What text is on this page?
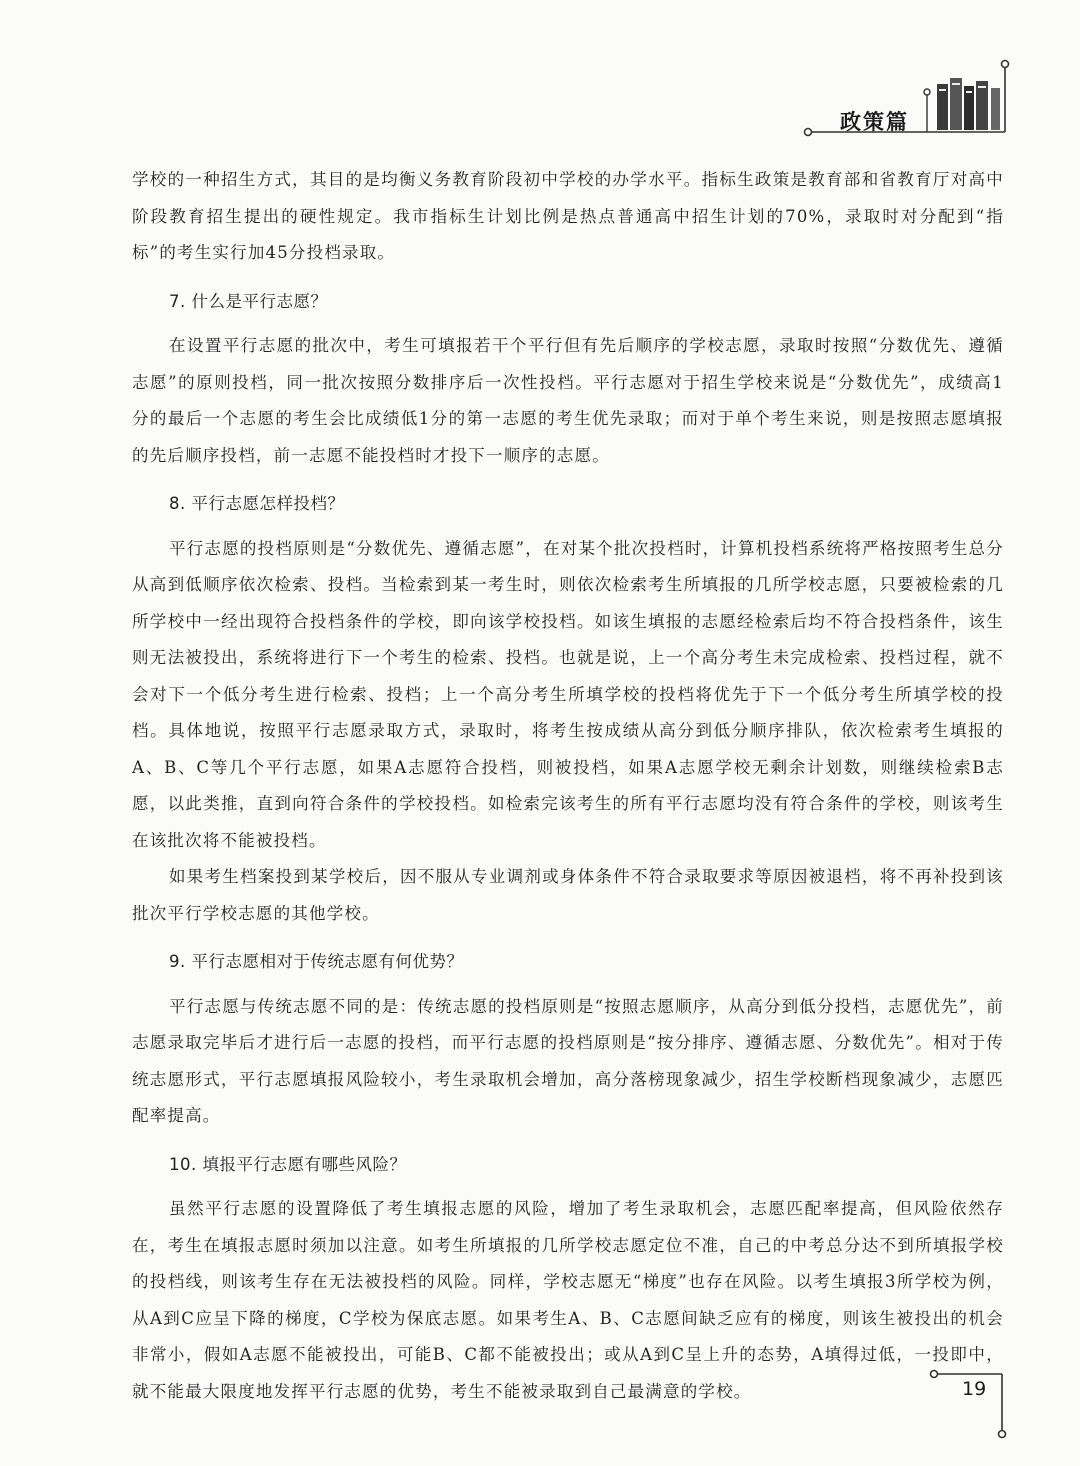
政策篇

学校的一种招生方式，其目的是均衡义务教育阶段初中学校的办学水平。指标生政策是教育部和省教育厅对高中阶段教育招生提出的硬性规定。我市指标生计划比例是热点普通高中招生计划的70%，录取时对分配到“指标”的考生实行加45分投档录取。

7. 什么是平行志愿？

在设置平行志愿的批次中，考生可填报若干个平行但有先后顺序的学校志愿，录取时按照“分数优先、遵循志愿”的原则投档，同一批次按照分数排序后一次性投档。平行志愿对于招生学校来说是“分数优先”，成绩高1分的最后一个志愿的考生会比成绩低1分的第一志愿的考生优先录取；而对于单个考生来说，则是按照志愿填报的先后顺序投档，前一志愿不能投档时才投下一顺序的志愿。

8. 平行志愿怎样投档？

平行志愿的投档原则是“分数优先、遵循志愿”，在对某个批次投档时，计算机投档系统将严格按照考生总分从高到低顺序依次检索、投档。当检索到某一考生时，则依次检索考生所填报的几所学校志愿，只要被检索的几所学校中一经出现符合投档条件的学校，即向该学校投档。如该生填报的志愿经检索后均不符合投档条件，该生则无法被投出，系统将进行下一个考生的检索、投档。也就是说，上一个高分考生未完成检索、投档过程，就不会对下一个低分考生进行检索、投档；上一个高分考生所填学校的投档将优先于下一个低分考生所填学校的投档。具体地说，按照平行志愿录取方式，录取时，将考生按成绩从高分到低分顺序排队，依次检索考生填报的A、B、C等几个平行志愿，如果A志愿符合投档，则被投档，如果A志愿学校无剩余计划数，则继续检索B志愿，以此类推，直到向符合条件的学校投档。如检索完该考生的所有平行志愿均没有符合条件的学校，则该考生在该批次将不能被投档。

如果考生档案投到某学校后，因不服从专业调剂或身体条件不符合录取要求等原因被退档，将不再补投到该批次平行学校志愿的其他学校。

9. 平行志愿相对于传统志愿有何优势？

平行志愿与传统志愿不同的是：传统志愿的投档原则是“按照志愿顺序，从高分到低分投档，志愿优先”，前志愿录取完毕后才进行后一志愿的投档，而平行志愿的投档原则是“按分排序、遵循志愿、分数优先”。相对于传统志愿形式，平行志愿填报风险较小，考生录取机会增加，高分落榜现象减少，招生学校断档现象减少，志愿匹配率提高。

10. 填报平行志愿有哪些风险？

虽然平行志愿的设置降低了考生填报志愿的风险，增加了考生录取机会，志愿匹配率提高，但风险依然存在，考生在填报志愿时须加以注意。如考生所填报的几所学校志愿定位不准，自己的中考总分达不到所填报学校的投档线，则该考生存在无法被投档的风险。同样，学校志愿无“梯度”也存在风险。以考生填报3所学校为例，从A到C应呈下降的梯度，C学校为保底志愿。如果考生A、B、C志愿间缺乏应有的梯度，则该生被投出的机会非常小，假如A志愿不能被投出，可能B、C都不能被投出；或从A到C呈上升的态势，A填得过低，一投即中，就不能最大限度地发挥平行志愿的优势，考生不能被录取到自己最满意的学校。	19
